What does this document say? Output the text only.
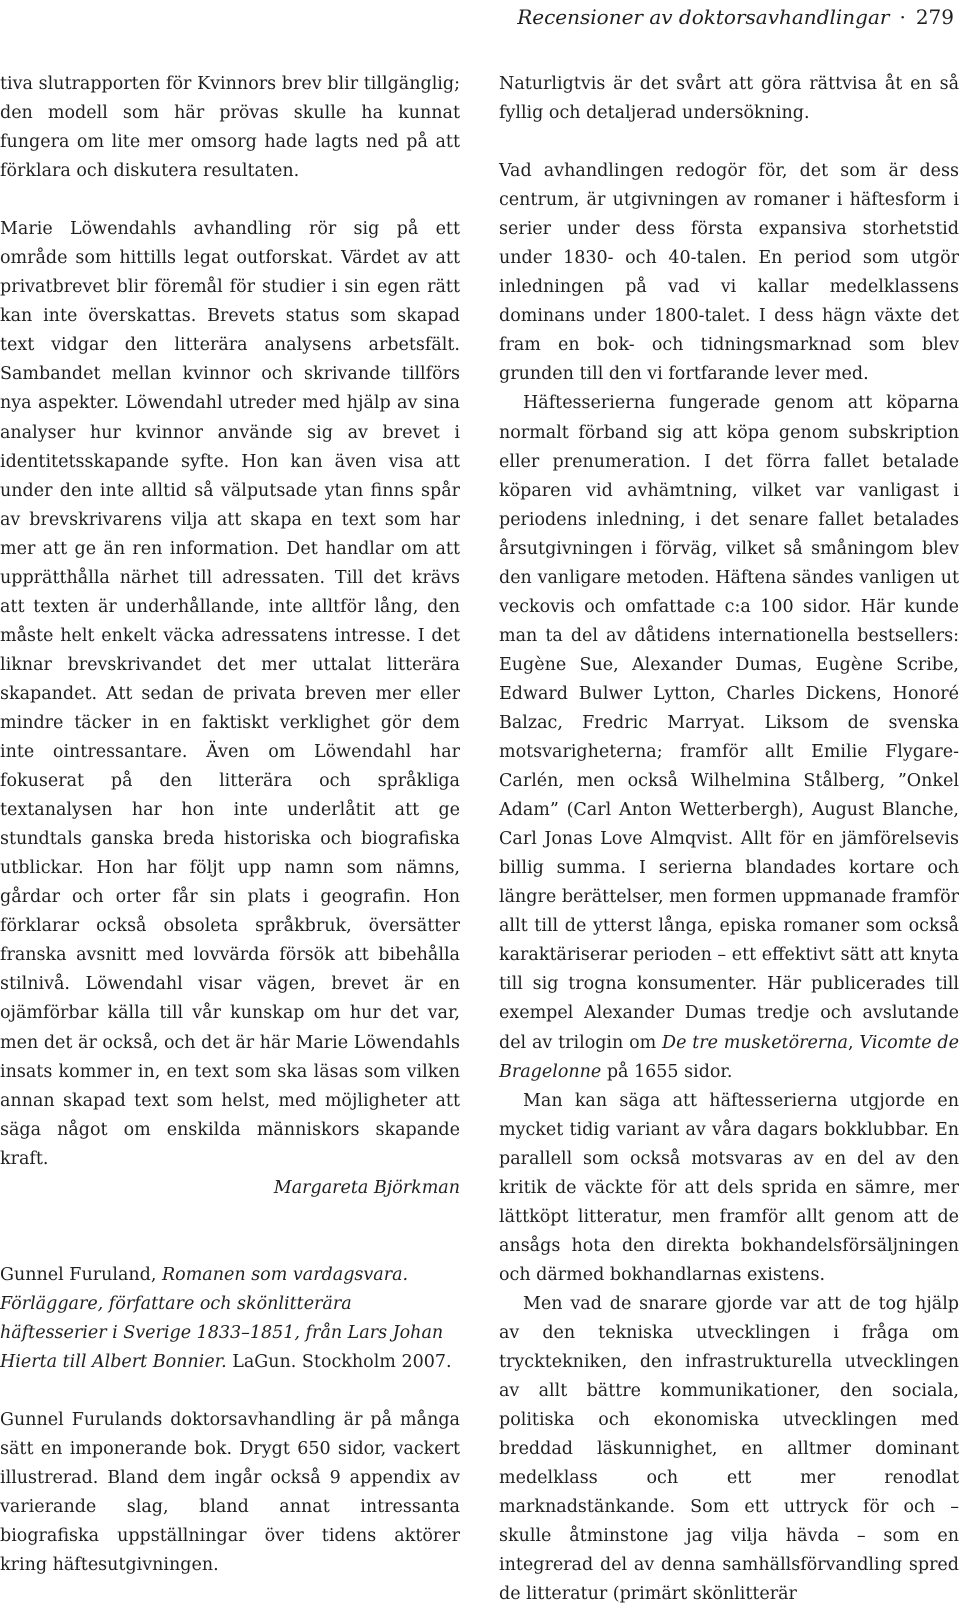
Recensioner av doktorsavhandlingar · 279

tiva slutrapporten för Kvinnors brev blir tillgänglig; den modell som här prövas skulle ha kunnat fungera om lite mer omsorg hade lagts ned på att förklara och diskutera resultaten.

Marie Löwendahls avhandling rör sig på ett område som hittills legat outforskat. Värdet av att privatbrevet blir föremål för studier i sin egen rätt kan inte överskattas. Brevets status som skapad text vidgar den litterära analysens arbetsfält. Sambandet mellan kvinnor och skrivande tillförs nya aspekter. Löwendahl utreder med hjälp av sina analyser hur kvinnor använde sig av brevet i identitetsskapande syfte. Hon kan även visa att under den inte alltid så välputsade ytan finns spår av brevskrivarens vilja att skapa en text som har mer att ge än ren information. Det handlar om att upprätthålla närhet till adressaten. Till det krävs att texten är underhållande, inte alltför lång, den måste helt enkelt väcka adressatens intresse. I det liknar brevskrivandet det mer uttalat litterära skapandet. Att sedan de privata breven mer eller mindre täcker in en faktiskt verklighet gör dem inte ointressantare. Även om Löwendahl har fokuserat på den litterära och språkliga textanalysen har hon inte underlåtit att ge stundtals ganska breda historiska och biografiska utblickar. Hon har följt upp namn som nämns, gårdar och orter får sin plats i geografin. Hon förklarar också obsoleta språkbruk, översätter franska avsnitt med lovvärda försök att bibehålla stilnivå. Löwendahl visar vägen, brevet är en ojämförbar källa till vår kunskap om hur det var, men det är också, och det är här Marie Löwendahls insats kommer in, en text som ska läsas som vilken annan skapad text som helst, med möjligheter att säga något om enskilda människors skapande kraft.

Margareta Björkman

Gunnel Furuland, Romanen som vardagsvara. Förläggare, författare och skönlitterära häftesserier i Sverige 1833–1851, från Lars Johan Hierta till Albert Bonnier. LaGun. Stockholm 2007.

Gunnel Furulands doktorsavhandling är på många sätt en imponerande bok. Drygt 650 sidor, vackert illustrerad. Bland dem ingår också 9 appendix av varierande slag, bland annat intressanta biografiska uppställningar över tidens aktörer kring häftesutgivningen.

Naturligtvis är det svårt att göra rättvisa åt en så fyllig och detaljerad undersökning.

Vad avhandlingen redogör för, det som är dess centrum, är utgivningen av romaner i häftesform i serier under dess första expansiva storhetstid under 1830- och 40-talen. En period som utgör inledningen på vad vi kallar medelklassens dominans under 1800-talet. I dess hägn växte det fram en bok- och tidningsmarknad som blev grunden till den vi fortfarande lever med.

Häftesserierna fungerade genom att köparna normalt förband sig att köpa genom subskription eller prenumeration. I det förra fallet betalade köparen vid avhämtning, vilket var vanligast i periodens inledning, i det senare fallet betalades årsutgivningen i förväg, vilket så småningom blev den vanligare metoden. Häftena sändes vanligen ut veckovis och omfattade c:a 100 sidor. Här kunde man ta del av dåtidens internationella bestsellers: Eugène Sue, Alexander Dumas, Eugène Scribe, Edward Bulwer Lytton, Charles Dickens, Honoré Balzac, Fredric Marryat. Liksom de svenska motsvarigheterna; framför allt Emilie Flygare-Carlén, men också Wilhelmina Stålberg, ”Onkel Adam” (Carl Anton Wetterbergh), August Blanche, Carl Jonas Love Almqvist. Allt för en jämförelsevis billig summa. I serierna blandades kortare och längre berättelser, men formen uppmanade framför allt till de ytterst långa, episka romaner som också karaktäriserar perioden – ett effektivt sätt att knyta till sig trogna konsumenter. Här publicerades till exempel Alexander Dumas tredje och avslutande del av trilogin om De tre musketörerna, Vicomte de Bragelonne på 1655 sidor.

Man kan säga att häftesserierna utgjorde en mycket tidig variant av våra dagars bokklubbar. En parallell som också motsvaras av en del av den kritik de väckte för att dels sprida en sämre, mer lättköpt litteratur, men framför allt genom att de ansågs hota den direkta bokhandelsförsäljningen och därmed bokhandlarnas existens.

Men vad de snarare gjorde var att de tog hjälp av den tekniska utvecklingen i fråga om trycktekniken, den infrastrukturella utvecklingen av allt bättre kommunikationer, den sociala, politiska och ekonomiska utvecklingen med breddad läskunnighet, en alltmer dominant medelklass och ett mer renodlat marknadstänkande. Som ett uttryck för och – skulle åtminstone jag vilja hävda – som en integrerad del av denna samhällsförvandling spred de litteratur (primärt skönlitterär
